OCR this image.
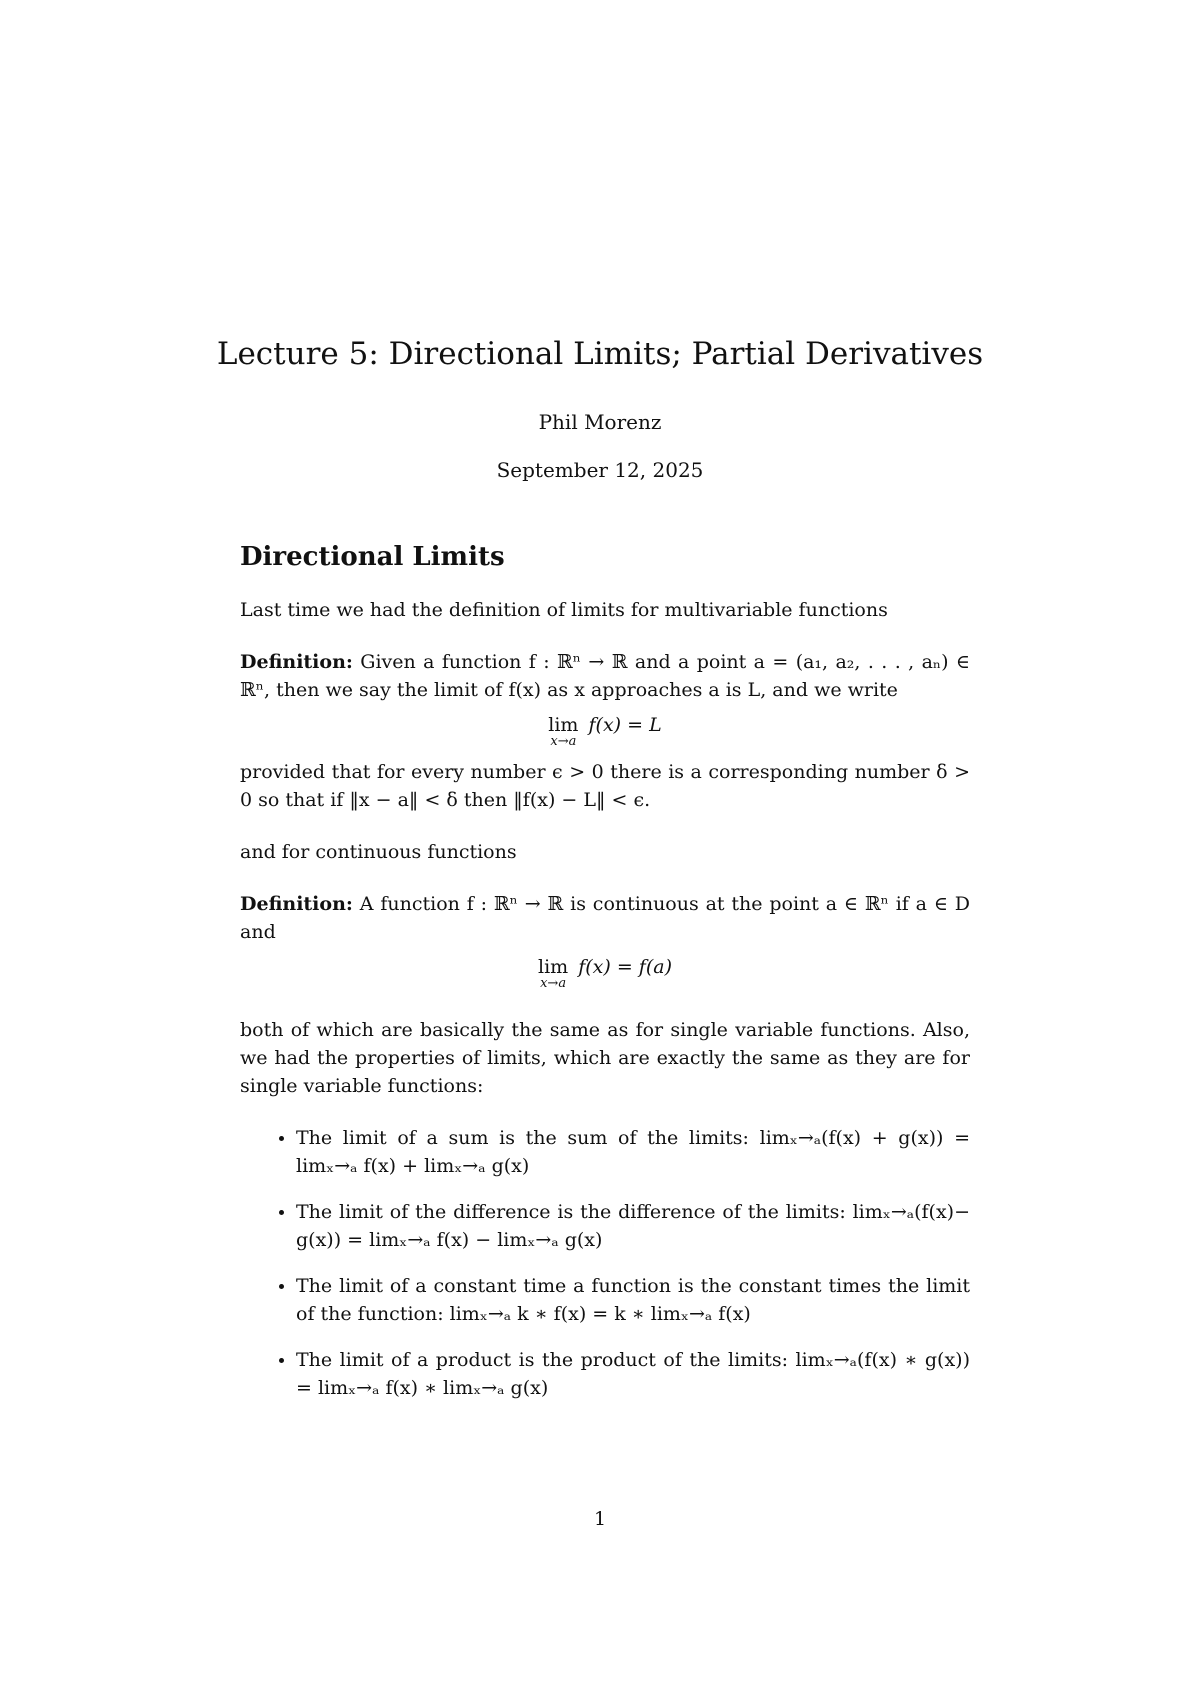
Lecture 5: Directional Limits; Partial Derivatives
Phil Morenz
September 12, 2025
Directional Limits

Last time we had the definition of limits for multivariable functions

Definition: Given a function f : ℝⁿ → ℝ and a point a = (a₁, a₂, . . . , aₙ) ∈ ℝⁿ, then we say the limit of f(x) as x approaches a is L, and we write

lim
x→a
f(x) = L

provided that for every number ϵ > 0 there is a corresponding number δ > 0 so that if ‖x − a‖ < δ then ‖f(x) − L‖ < ϵ.

and for continuous functions

Definition: A function f : ℝⁿ → ℝ is continuous at the point a ∈ ℝⁿ if a ∈ D and

lim
x→a
f(x) = f(a)

both of which are basically the same as for single variable functions. Also, we had the properties of limits, which are exactly the same as they are for single variable functions:

• The limit of a sum is the sum of the limits: limₓ→ₐ(f(x) + g(x)) = limₓ→ₐ f(x) + limₓ→ₐ g(x)
• The limit of the difference is the difference of the limits: limₓ→ₐ(f(x)− g(x)) = limₓ→ₐ f(x) − limₓ→ₐ g(x)
• The limit of a constant time a function is the constant times the limit of the function: limₓ→ₐ k ∗ f(x) = k ∗ limₓ→ₐ f(x)
• The limit of a product is the product of the limits: limₓ→ₐ(f(x) ∗ g(x)) = limₓ→ₐ f(x) ∗ limₓ→ₐ g(x)
1
